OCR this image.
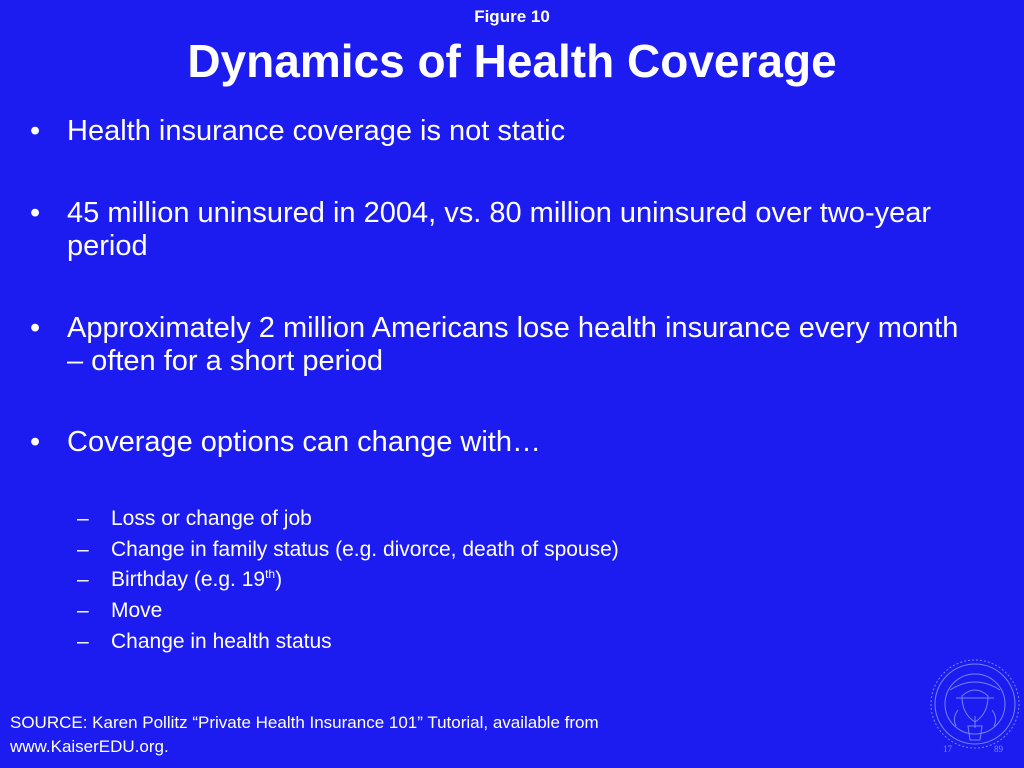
Figure 10
Dynamics of Health Coverage
• Health insurance coverage is not static
• 45 million uninsured in 2004, vs. 80 million uninsured over two-year period
• Approximately 2 million Americans lose health insurance every month – often for a short period
• Coverage options can change with…
–	Loss or change of job
–	Change in family status (e.g. divorce, death of spouse)
–	Birthday (e.g. 19th)
–	Move
–	Change in health status
SOURCE: Karen Pollitz “Private Health Insurance 101” Tutorial, available from www.KaiserEDU.org.	17	89
